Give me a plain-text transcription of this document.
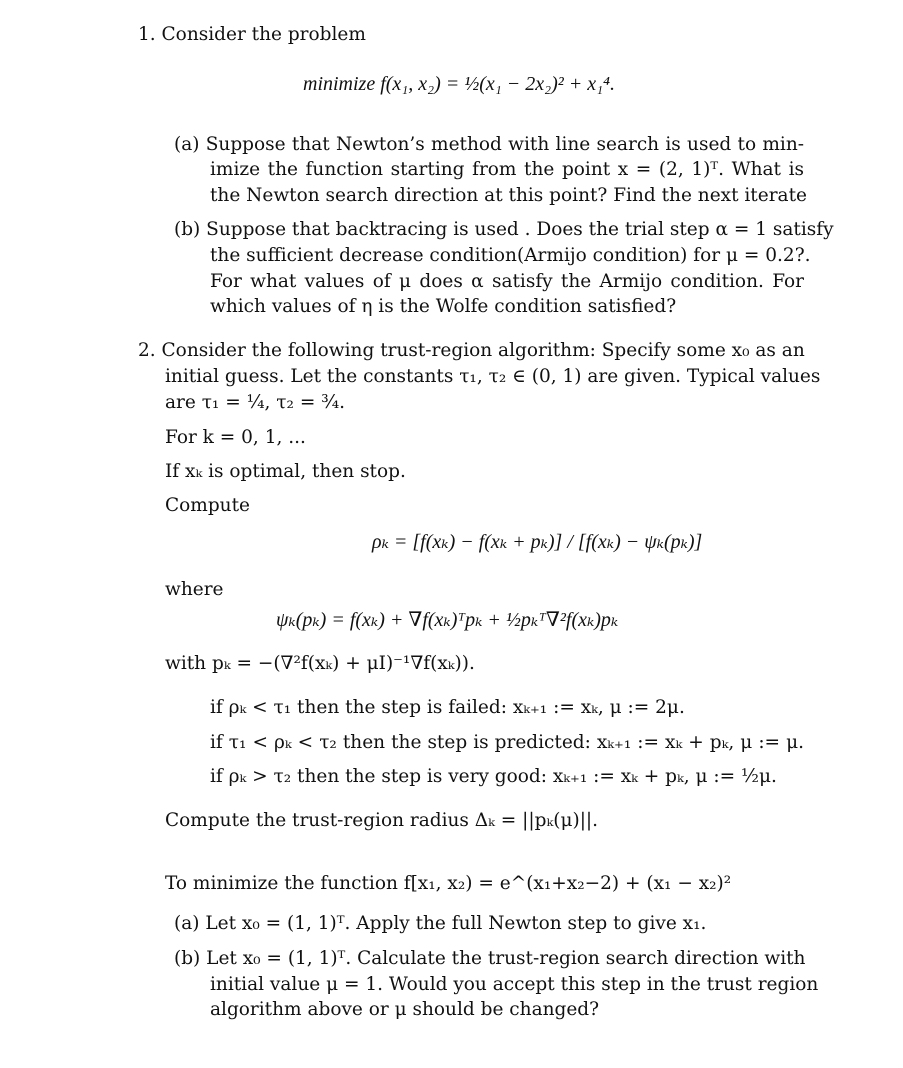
1. Consider the problem
minimize f(x₁, x₂) = ½(x₁ − 2x₂)² + x₁⁴.
(a) Suppose that Newton’s method with line search is used to min-
imize the function starting from the point x = (2, 1)ᵀ. What is
the Newton search direction at this point? Find the next iterate
(b) Suppose that backtracing is used . Does the trial step α = 1 satisfy
the sufficient decrease condition(Armijo condition) for μ = 0.2?.
For what values of μ does α satisfy the Armijo condition. For
which values of η is the Wolfe condition satisfied?
2. Consider the following trust-region algorithm: Specify some x₀ as an
initial guess. Let the constants τ₁, τ₂ ∈ (0, 1) are given. Typical values
are τ₁ = ¼, τ₂ = ¾.
For k = 0, 1, ...
If xₖ is optimal, then stop.
Compute
ρₖ = [f(xₖ) − f(xₖ + pₖ)] / [f(xₖ) − ψₖ(pₖ)]
where
ψₖ(pₖ) = f(xₖ) + ∇f(xₖ)ᵀpₖ + ½pₖᵀ∇²f(xₖ)pₖ
with pₖ = −(∇²f(xₖ) + μI)⁻¹∇f(xₖ)).
if ρₖ < τ₁ then the step is failed: xₖ₊₁ := xₖ, μ := 2μ.
if τ₁ < ρₖ < τ₂ then the step is predicted: xₖ₊₁ := xₖ + pₖ, μ := μ.
if ρₖ > τ₂ then the step is very good: xₖ₊₁ := xₖ + pₖ, μ := ½μ.
Compute the trust-region radius Δₖ = ||pₖ(μ)||.
To minimize the function f[x₁, x₂) = e^(x₁+x₂−2) + (x₁ − x₂)²
(a) Let x₀ = (1, 1)ᵀ. Apply the full Newton step to give x₁.
(b) Let x₀ = (1, 1)ᵀ. Calculate the trust-region search direction with
initial value μ = 1. Would you accept this step in the trust region
algorithm above or μ should be changed?
